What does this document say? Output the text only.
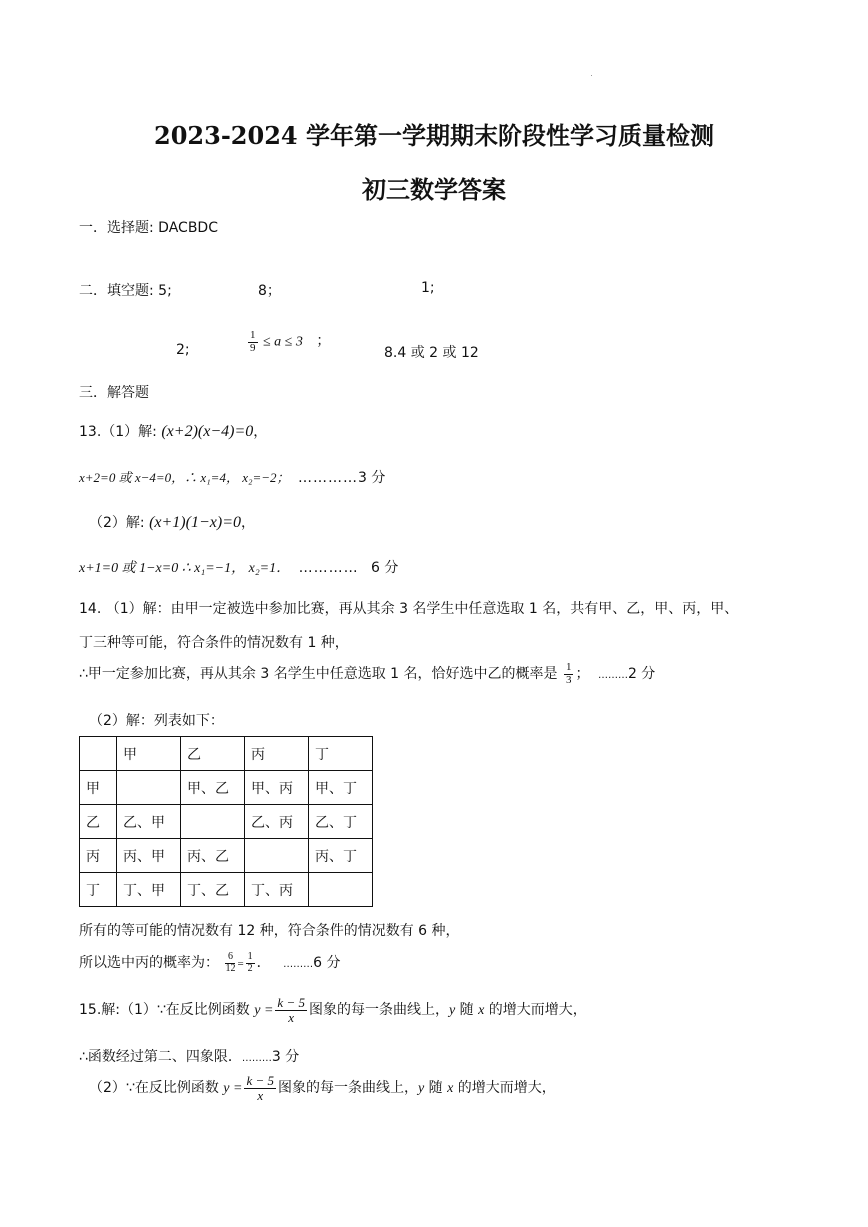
2023-2024 学年第一学期期末阶段性学习质量检测
初三数学答案
一．选择题: DACBDC
二．填空题: 5;	8；	1;
2;	$\frac{1}{9} \le a \le 3$ ；
8.4 或 2 或 12
三．解答题
13.（1）解: (x+2)(x−4)=0，
x+2=0 或 x−4=0，∴ x₁=4， x₂=−2； …………3 分
（2）解: (x+1)(1−x)=0，
x+1=0 或 1−x=0 ∴ x₁=−1， x₂=1． ………… 6 分
14. （1）解：由甲一定被选中参加比赛，再从其余 3 名学生中任意选取 1 名，共有甲、乙，甲、丙，甲、
丁三种等可能，符合条件的情况数有 1 种，
∴甲一定参加比赛，再从其余 3 名学生中任意选取 1 名，恰好选中乙的概率是 $\frac{1}{3}$ ； ………2 分
（2）解：列表如下：
	甲	乙	丙	丁
甲		甲、乙	甲、丙	甲、丁
乙	乙、甲		乙、丙	乙、丁
丙	丙、甲	丙、乙		丙、丁
丁	丁、甲	丁、乙	丁、丙	
所有的等可能的情况数有 12 种，符合条件的情况数有 6 种，
所以选中丙的概率为： $\frac{6}{12} = \frac{1}{2}$ ． ………6 分
15.解:（1）∵在反比例函数 $y = \frac{k - 5}{x}$ 图象的每一条曲线上，y 随 x 的增大而增大，
∴函数经过第二、四象限．………3 分
（2）∵在反比例函数 $y = \frac{k - 5}{x}$ 图象的每一条曲线上，y 随 x 的增大而增大，
